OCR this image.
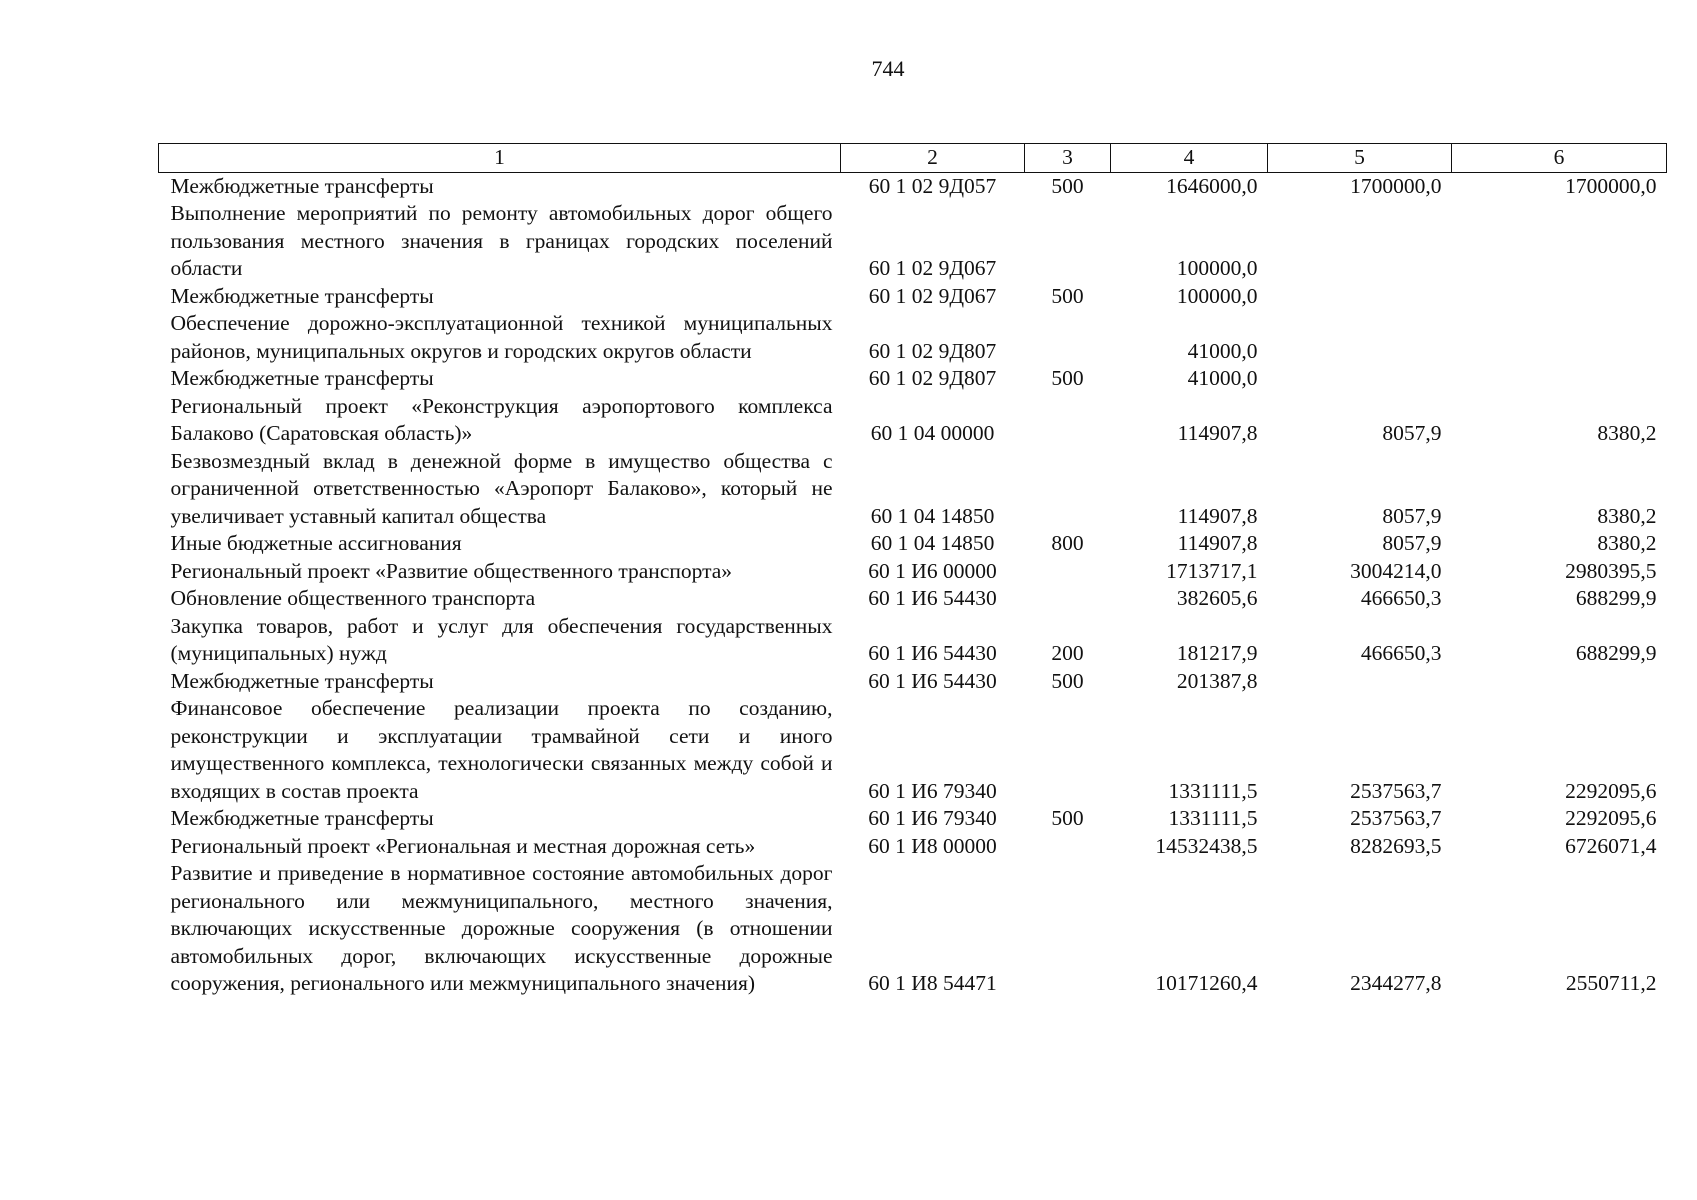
744
1	2	3	4	5	6
Межбюджетные трансферты	60 1 02 9Д057	500	1646000,0	1700000,0	1700000,0
Выполнение мероприятий по ремонту автомобильных дорог общего пользования местного значения в границах городских поселений области	60 1 02 9Д067		100000,0		
Межбюджетные трансферты	60 1 02 9Д067	500	100000,0		
Обеспечение дорожно-эксплуатационной техникой муниципальных районов, муниципальных округов и городских округов области	60 1 02 9Д807		41000,0		
Межбюджетные трансферты	60 1 02 9Д807	500	41000,0		
Региональный проект «Реконструкция аэропортового комплекса Балаково (Саратовская область)»	60 1 04 00000		114907,8	8057,9	8380,2
Безвозмездный вклад в денежной форме в имущество общества с ограниченной ответственностью «Аэропорт Балаково», который не увеличивает уставный капитал общества	60 1 04 14850		114907,8	8057,9	8380,2
Иные бюджетные ассигнования	60 1 04 14850	800	114907,8	8057,9	8380,2
Региональный проект «Развитие общественного транспорта»	60 1 И6 00000		1713717,1	3004214,0	2980395,5
Обновление общественного транспорта	60 1 И6 54430		382605,6	466650,3	688299,9
Закупка товаров, работ и услуг для обеспечения государственных (муниципальных) нужд	60 1 И6 54430	200	181217,9	466650,3	688299,9
Межбюджетные трансферты	60 1 И6 54430	500	201387,8		
Финансовое обеспечение реализации проекта по созданию, реконструкции и эксплуатации трамвайной сети и иного имущественного комплекса, технологически связанных между собой и входящих в состав проекта	60 1 И6 79340		1331111,5	2537563,7	2292095,6
Межбюджетные трансферты	60 1 И6 79340	500	1331111,5	2537563,7	2292095,6
Региональный проект «Региональная и местная дорожная сеть»	60 1 И8 00000		14532438,5	8282693,5	6726071,4
Развитие и приведение в нормативное состояние автомобильных дорог регионального или межмуниципального, местного значения, включающих искусственные дорожные сооружения (в отношении автомобильных дорог, включающих искусственные дорожные сооружения, регионального или межмуниципального значения)	60 1 И8 54471		10171260,4	2344277,8	2550711,2
